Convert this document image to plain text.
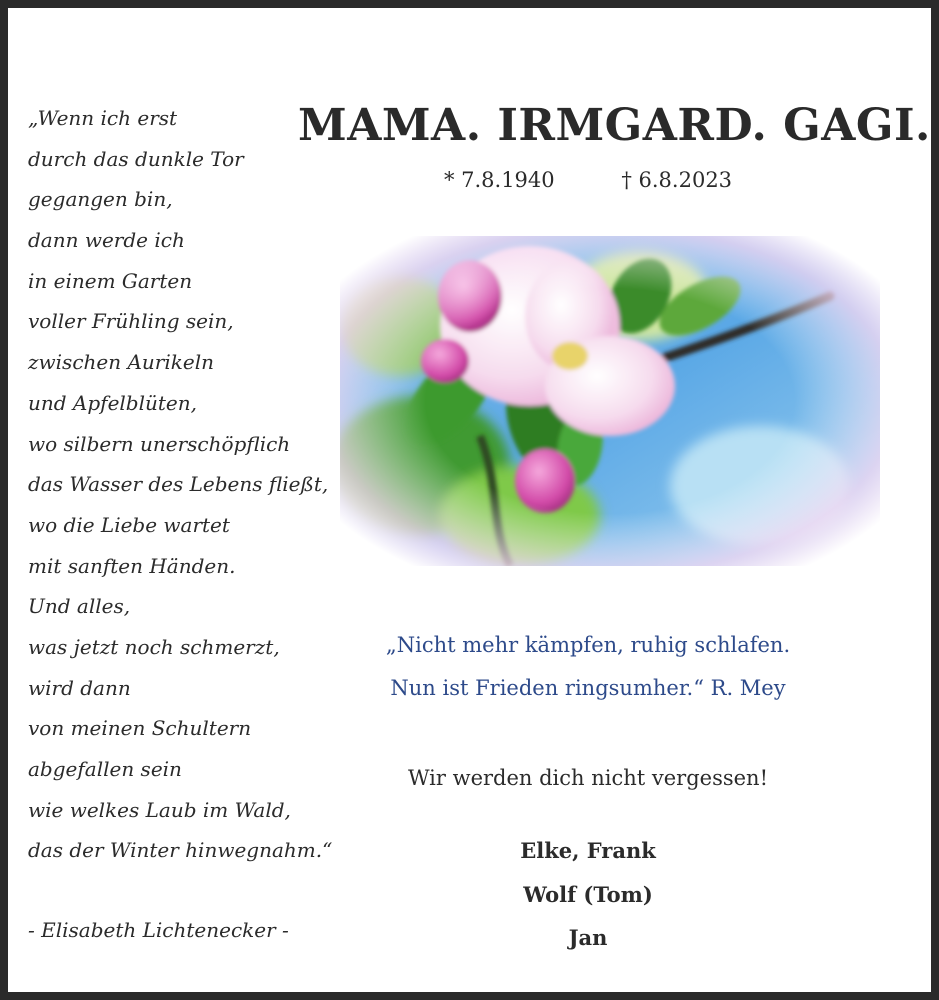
„Wenn ich erst
durch das dunkle Tor
gegangen bin,
dann werde ich
in einem Garten
voller Frühling sein,
zwischen Aurikeln
und Apfelblüten,
wo silbern unerschöpflich
das Wasser des Lebens fließt,
wo die Liebe wartet
mit sanften Händen.
Und alles,
was jetzt noch schmerzt,
wird dann
von meinen Schultern
abgefallen sein
wie welkes Laub im Wald,
das der Winter hinwegnahm.“
- Elisabeth Lichtenecker -
MAMA. IRMGARD. GAGI.
* 7.8.1940	† 6.8.2023
„Nicht mehr kämpfen, ruhig schlafen.
Nun ist Frieden ringsumher.“ R. Mey
Wir werden dich nicht vergessen!
Elke, Frank
Wolf (Tom)
Jan
